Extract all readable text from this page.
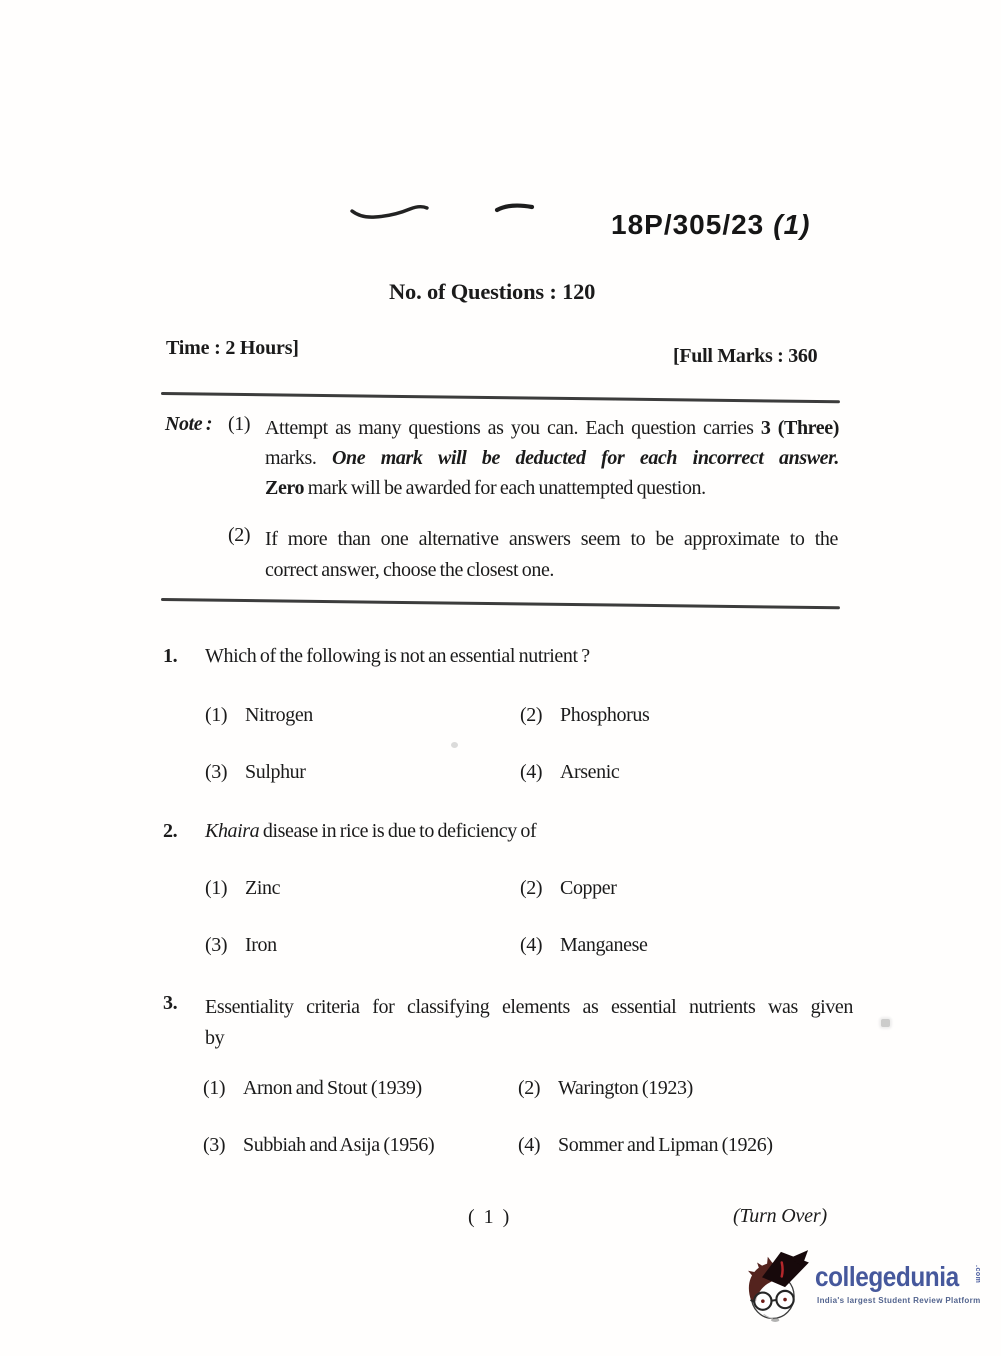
18P/305/23 (1)
No. of Questions : 120
Time : 2 Hours]	[Full Marks : 360
Note : (1) Attempt as many questions as you can. Each question carries 3 (Three)
marks. One mark will be deducted for each incorrect answer.
Zero mark will be awarded for each unattempted question.
(2) If more than one alternative answers seem to be approximate to the
correct answer, choose the closest one.
1.	Which of the following is not an essential nutrient ?
(1) Nitrogen	(2) Phosphorus
(3) Sulphur	(4) Arsenic
2.	Khaira disease in rice is due to deficiency of
(1) Zinc	(2) Copper
(3) Iron	(4) Manganese
3.	Essentiality criteria for classifying elements as essential nutrients was given
by
(1) Arnon and Stout (1939)	(2) Warington (1923)
(3) Subbiah and Asija (1956)	(4) Sommer and Lipman (1926)
( 1 )	(Turn Over)
collegedunia .com
India's largest Student Review Platform
